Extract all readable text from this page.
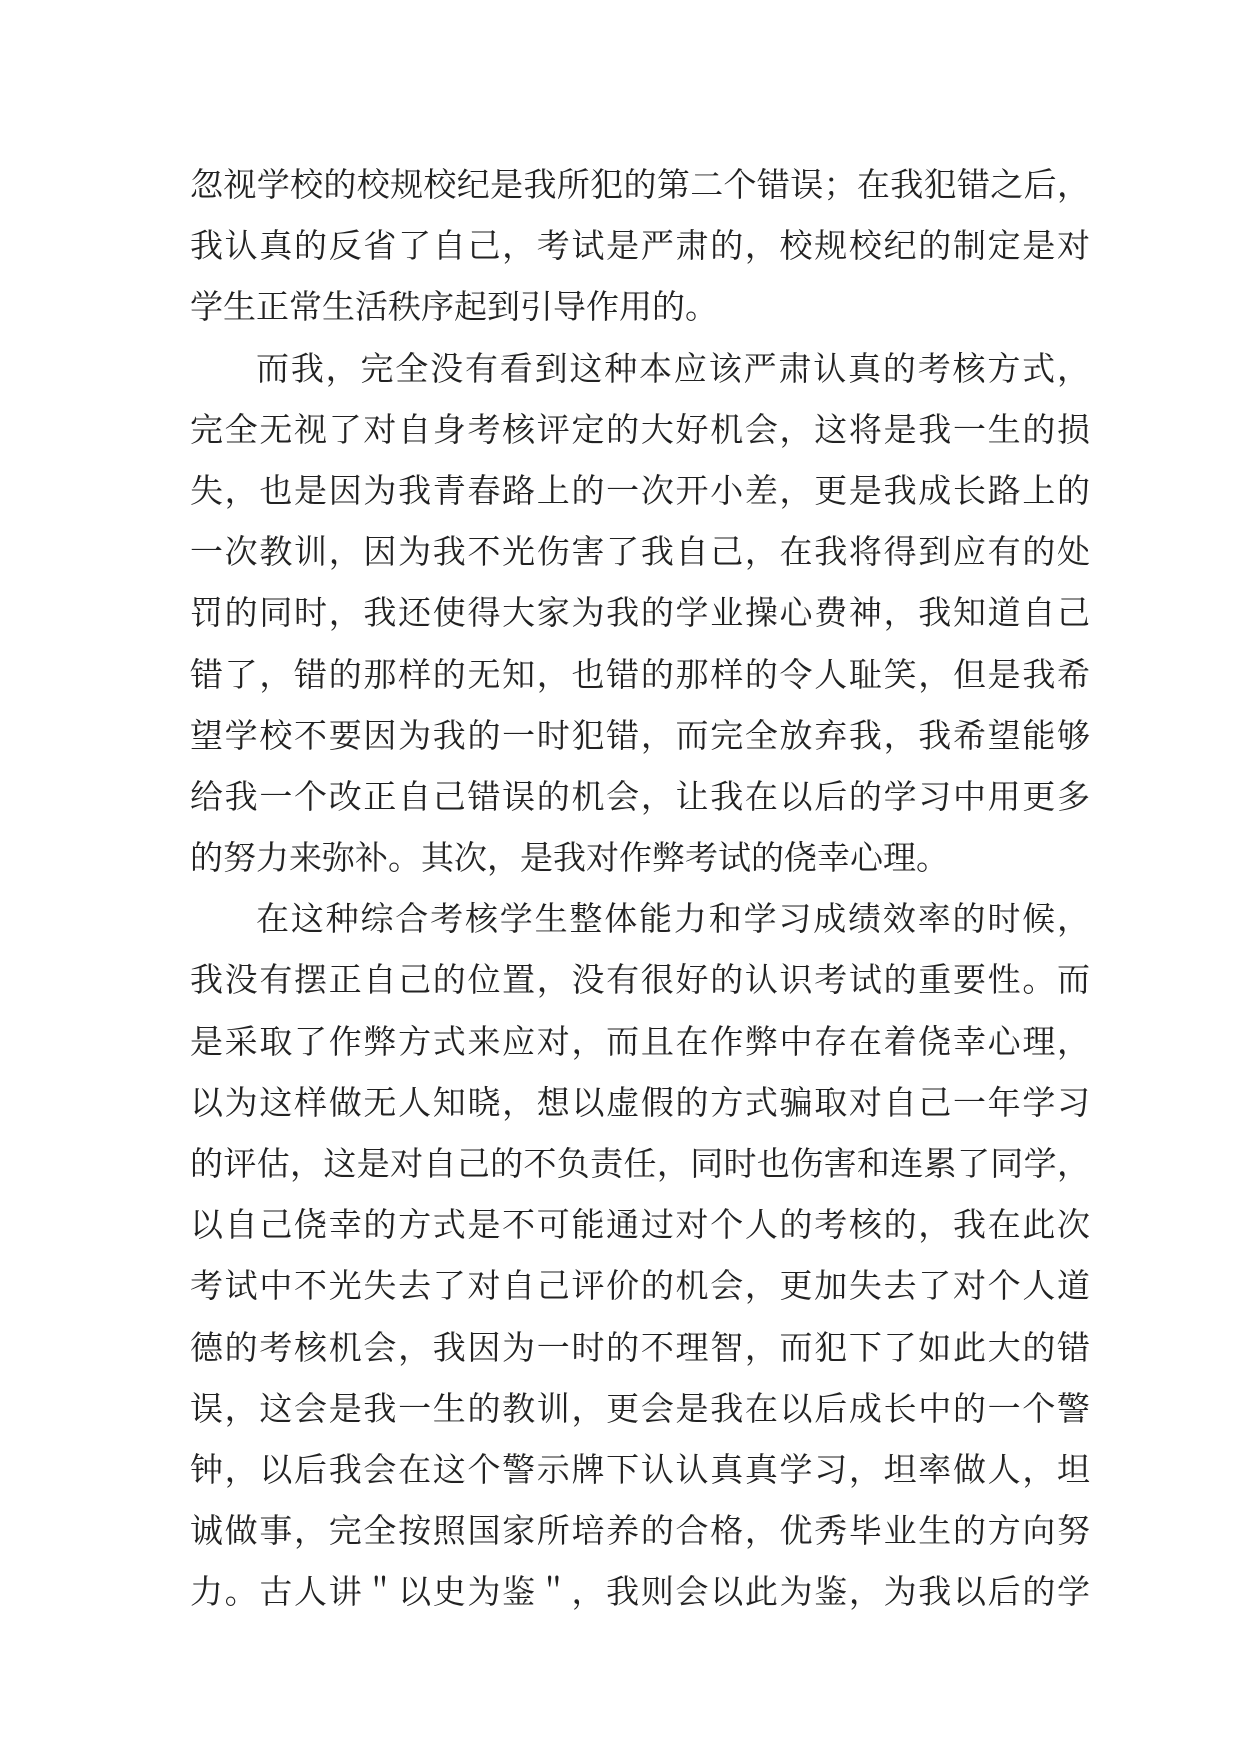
忽视学校的校规校纪是我所犯的第二个错误；在我犯错之后，
我认真的反省了自己，考试是严肃的，校规校纪的制定是对
学生正常生活秩序起到引导作用的。
而我，完全没有看到这种本应该严肃认真的考核方式，
完全无视了对自身考核评定的大好机会，这将是我一生的损
失，也是因为我青春路上的一次开小差，更是我成长路上的
一次教训，因为我不光伤害了我自己，在我将得到应有的处
罚的同时，我还使得大家为我的学业操心费神，我知道自己
错了，错的那样的无知，也错的那样的令人耻笑，但是我希
望学校不要因为我的一时犯错，而完全放弃我，我希望能够
给我一个改正自己错误的机会，让我在以后的学习中用更多
的努力来弥补。其次，是我对作弊考试的侥幸心理。
在这种综合考核学生整体能力和学习成绩效率的时候，
我没有摆正自己的位置，没有很好的认识考试的重要性。而
是采取了作弊方式来应对，而且在作弊中存在着侥幸心理，
以为这样做无人知晓，想以虚假的方式骗取对自己一年学习
的评估，这是对自己的不负责任，同时也伤害和连累了同学，
以自己侥幸的方式是不可能通过对个人的考核的，我在此次
考试中不光失去了对自己评价的机会，更加失去了对个人道
德的考核机会，我因为一时的不理智，而犯下了如此大的错
误，这会是我一生的教训，更会是我在以后成长中的一个警
钟，以后我会在这个警示牌下认认真真学习，坦率做人，坦
诚做事，完全按照国家所培养的合格，优秀毕业生的方向努
力。古人讲＂以史为鉴＂，我则会以此为鉴，为我以后的学
